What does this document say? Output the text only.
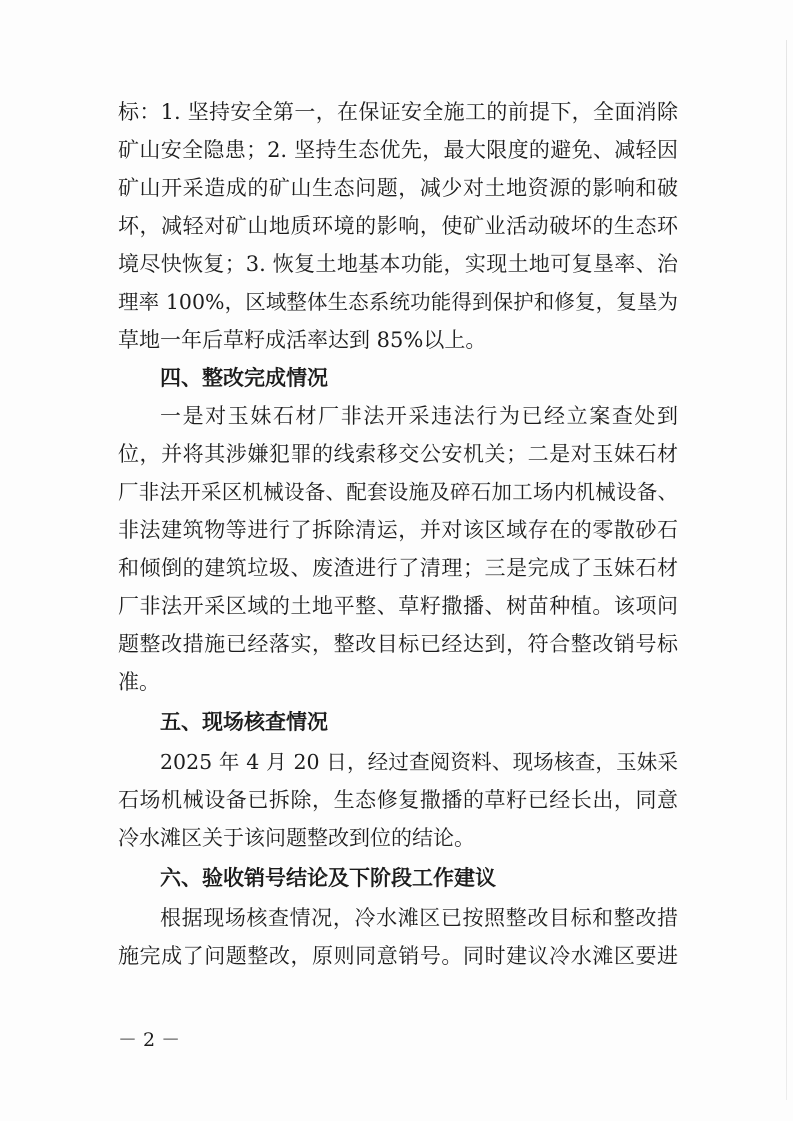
标：1. 坚持安全第一，在保证安全施工的前提下，全面消除
矿山安全隐患；2. 坚持生态优先，最大限度的避免、减轻因
矿山开采造成的矿山生态问题，减少对土地资源的影响和破
坏，减轻对矿山地质环境的影响，使矿业活动破坏的生态环
境尽快恢复；3. 恢复土地基本功能，实现土地可复垦率、治
理率 100%，区域整体生态系统功能得到保护和修复，复垦为
草地一年后草籽成活率达到 85%以上。
四、整改完成情况
一是对玉妹石材厂非法开采违法行为已经立案查处到
位，并将其涉嫌犯罪的线索移交公安机关；二是对玉妹石材
厂非法开采区机械设备、配套设施及碎石加工场内机械设备、
非法建筑物等进行了拆除清运，并对该区域存在的零散砂石
和倾倒的建筑垃圾、废渣进行了清理；三是完成了玉妹石材
厂非法开采区域的土地平整、草籽撒播、树苗种植。该项问
题整改措施已经落实，整改目标已经达到，符合整改销号标
准。
五、现场核查情况
2025 年 4 月 20 日，经过查阅资料、现场核查，玉妹采
石场机械设备已拆除，生态修复撒播的草籽已经长出，同意
冷水滩区关于该问题整改到位的结论。
六、验收销号结论及下阶段工作建议
根据现场核查情况，冷水滩区已按照整改目标和整改措
施完成了问题整改，原则同意销号。同时建议冷水滩区要进
－ 2 －
